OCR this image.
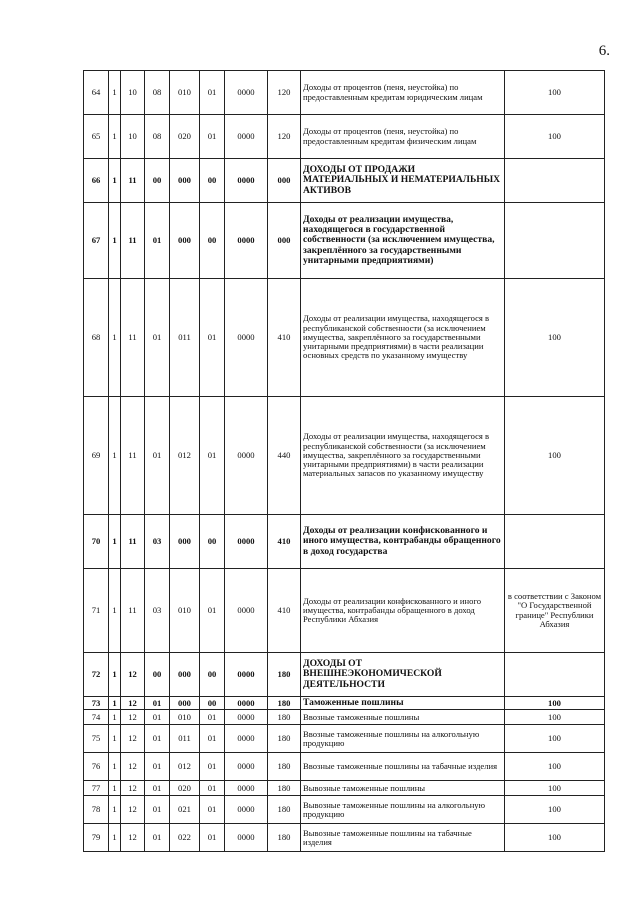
6.
64	1	10	08	010	01	0000	120	Доходы от процентов (пеня, неустойка) по предоставленным кредитам юридическим лицам	100
65	1	10	08	020	01	0000	120	Доходы от процентов (пеня, неустойка) по предоставленным кредитам физическим лицам	100
66	1	11	00	000	00	0000	000	ДОХОДЫ ОТ ПРОДАЖИ МАТЕРИАЛЬНЫХ И НЕМАТЕРИАЛЬНЫХ АКТИВОВ	
67	1	11	01	000	00	0000	000	Доходы от реализации имущества, находящегося в государственной собственности (за исключением имущества, закреплённого за государственными унитарными предприятиями)	
68	1	11	01	011	01	0000	410	Доходы от реализации имущества, находящегося в республиканской собственности (за исключением имущества, закреплённого за государственными унитарными предприятиями) в части реализации основных средств по указанному имуществу	100
69	1	11	01	012	01	0000	440	Доходы от реализации имущества, находящегося в республиканской собственности (за исключением имущества, закреплённого за государственными унитарными предприятиями) в части реализации материальных запасов по указанному имуществу	100
70	1	11	03	000	00	0000	410	Доходы от реализации конфискованного и иного имущества, контрабанды обращенного в доход государства	
71	1	11	03	010	01	0000	410	Доходы от реализации конфискованного и иного имущества, контрабанды обращенного в доход Республики Абхазия	в соответствии с Законом "О Государственной границе" Республики Абхазия
72	1	12	00	000	00	0000	180	ДОХОДЫ ОТ ВНЕШНЕЭКОНОМИЧЕСКОЙ ДЕЯТЕЛЬНОСТИ	
73	1	12	01	000	00	0000	180	Таможенные пошлины	100
74	1	12	01	010	01	0000	180	Ввозные таможенные пошлины	100
75	1	12	01	011	01	0000	180	Ввозные таможенные пошлины на алкогольную продукцию	100
76	1	12	01	012	01	0000	180	Ввозные таможенные пошлины на табачные изделия	100
77	1	12	01	020	01	0000	180	Вывозные таможенные пошлины	100
78	1	12	01	021	01	0000	180	Вывозные таможенные пошлины на алкогольную продукцию	100
79	1	12	01	022	01	0000	180	Вывозные таможенные пошлины на табачные изделия	100
